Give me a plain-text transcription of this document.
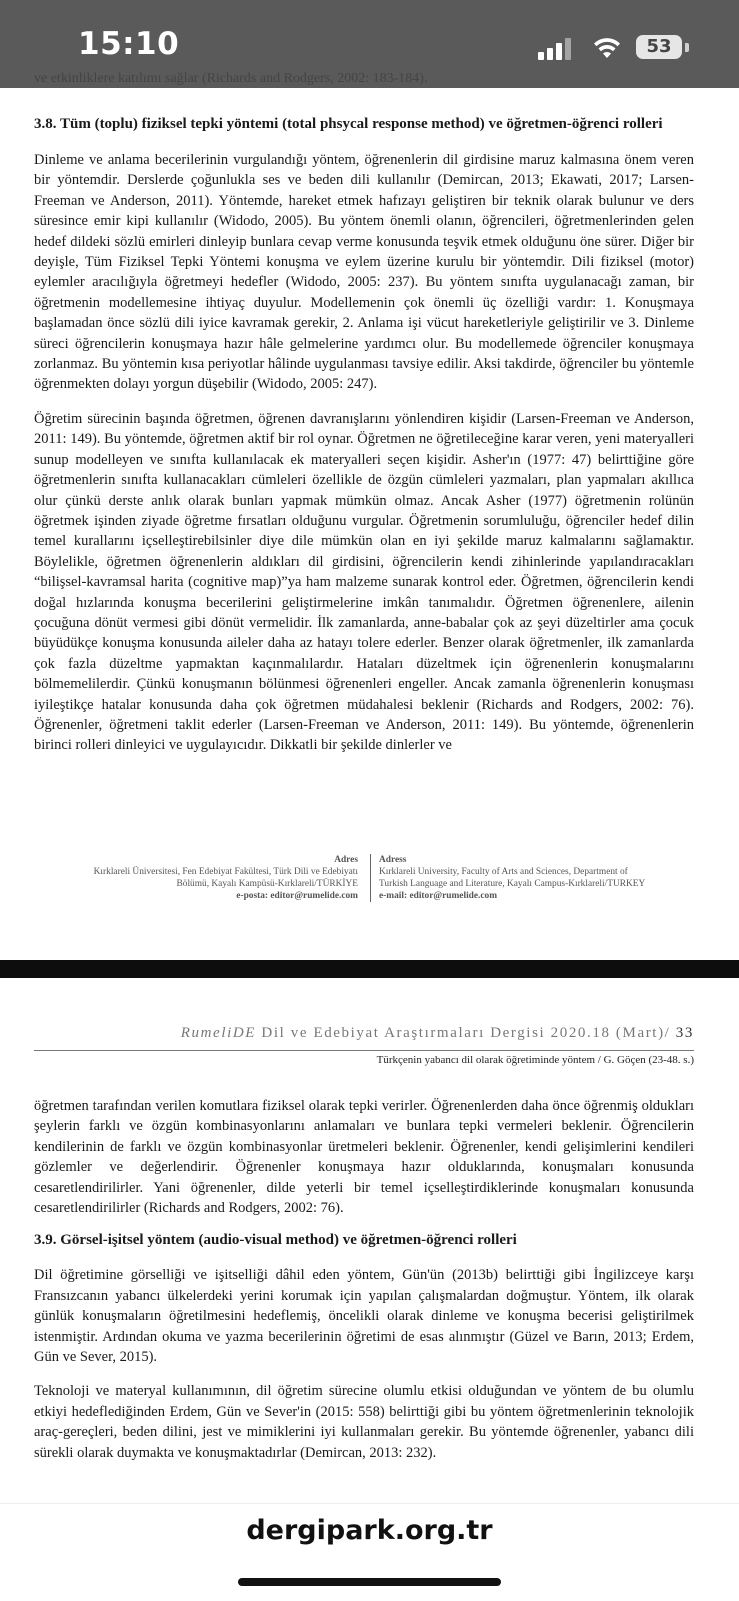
15:10	53
ve etkinliklere katılımı sağlar (Richards and Rodgers, 2002: 183-184).
3.8. Tüm (toplu) fiziksel tepki yöntemi (total phsycal response method) ve öğretmen-öğrenci rolleri

Dinleme ve anlama becerilerinin vurgulandığı yöntem, öğrenenlerin dil girdisine maruz kalmasına önem veren bir yöntemdir. Derslerde çoğunlukla ses ve beden dili kullanılır (Demircan, 2013; Ekawati, 2017; Larsen-Freeman ve Anderson, 2011). Yöntemde, hareket etmek hafızayı geliştiren bir teknik olarak bulunur ve ders süresince emir kipi kullanılır (Widodo, 2005). Bu yöntem önemli olanın, öğrencileri, öğretmenlerinden gelen hedef dildeki sözlü emirleri dinleyip bunlara cevap verme konusunda teşvik etmek olduğunu öne sürer. Diğer bir deyişle, Tüm Fiziksel Tepki Yöntemi konuşma ve eylem üzerine kurulu bir yöntemdir. Dili fiziksel (motor) eylemler aracılığıyla öğretmeyi hedefler (Widodo, 2005: 237). Bu yöntem sınıfta uygulanacağı zaman, bir öğretmenin modellemesine ihtiyaç duyulur. Modellemenin çok önemli üç özelliği vardır: 1. Konuşmaya başlamadan önce sözlü dili iyice kavramak gerekir, 2. Anlama işi vücut hareketleriyle geliştirilir ve 3. Dinleme süreci öğrencilerin konuşmaya hazır hâle gelmelerine yardımcı olur. Bu modellemede öğrenciler konuşmaya zorlanmaz. Bu yöntemin kısa periyotlar hâlinde uygulanması tavsiye edilir. Aksi takdirde, öğrenciler bu yöntemle öğrenmekten dolayı yorgun düşebilir (Widodo, 2005: 247).

Öğretim sürecinin başında öğretmen, öğrenen davranışlarını yönlendiren kişidir (Larsen-Freeman ve Anderson, 2011: 149). Bu yöntemde, öğretmen aktif bir rol oynar. Öğretmen ne öğretileceğine karar veren, yeni materyalleri sunup modelleyen ve sınıfta kullanılacak ek materyalleri seçen kişidir. Asher'ın (1977: 47) belirttiğine göre öğretmenlerin sınıfta kullanacakları cümleleri özellikle de özgün cümleleri yazmaları, plan yapmaları akıllıca olur çünkü derste anlık olarak bunları yapmak mümkün olmaz. Ancak Asher (1977) öğretmenin rolünün öğretmek işinden ziyade öğretme fırsatları olduğunu vurgular. Öğretmenin sorumluluğu, öğrenciler hedef dilin temel kurallarını içselleştirebilsinler diye dile mümkün olan en iyi şekilde maruz kalmalarını sağlamaktır. Böylelikle, öğretmen öğrenenlerin aldıkları dil girdisini, öğrencilerin kendi zihinlerinde yapılandıracakları “bilişsel-kavramsal harita (cognitive map)”ya ham malzeme sunarak kontrol eder. Öğretmen, öğrencilerin kendi doğal hızlarında konuşma becerilerini geliştirmelerine imkân tanımalıdır. Öğretmen öğrenenlere, ailenin çocuğuna dönüt vermesi gibi dönüt vermelidir. İlk zamanlarda, anne-babalar çok az şeyi düzeltirler ama çocuk büyüdükçe konuşma konusunda aileler daha az hatayı tolere ederler. Benzer olarak öğretmenler, ilk zamanlarda çok fazla düzeltme yapmaktan kaçınmalılardır. Hataları düzeltmek için öğrenenlerin konuşmalarını bölmemelilerdir. Çünkü konuşmanın bölünmesi öğrenenleri engeller. Ancak zamanla öğrenenlerin konuşması iyileştikçe hatalar konusunda daha çok öğretmen müdahalesi beklenir (Richards and Rodgers, 2002: 76). Öğrenenler, öğretmeni taklit ederler (Larsen-Freeman ve Anderson, 2011: 149). Bu yöntemde, öğrenenlerin birinci rolleri dinleyici ve uygulayıcıdır. Dikkatli bir şekilde dinlerler ve

Adres
Kırklareli Üniversitesi, Fen Edebiyat Fakültesi, Türk Dili ve Edebiyatı
Bölümü, Kayalı Kampüsü-Kırklareli/TÜRKİYE
e-posta: editor@rumelide.com
Adress
Kırklareli University, Faculty of Arts and Sciences, Department of
Turkish Language and Literature, Kayalı Campus-Kırklareli/TURKEY
e-mail: editor@rumelide.com
RumeliDE Dil ve Edebiyat Araştırmaları Dergisi 2020.18 (Mart)/ 33
Türkçenin yabancı dil olarak öğretiminde yöntem / G. Göçen (23-48. s.)

öğretmen tarafından verilen komutlara fiziksel olarak tepki verirler. Öğrenenlerden daha önce öğrenmiş oldukları şeylerin farklı ve özgün kombinasyonlarını anlamaları ve bunlara tepki vermeleri beklenir. Öğrencilerin kendilerinin de farklı ve özgün kombinasyonlar üretmeleri beklenir. Öğrenenler, kendi gelişimlerini kendileri gözlemler ve değerlendirir. Öğrenenler konuşmaya hazır olduklarında, konuşmaları konusunda cesaretlendirilirler. Yani öğrenenler, dilde yeterli bir temel içselleştirdiklerinde konuşmaları konusunda cesaretlendirilirler (Richards and Rodgers, 2002: 76).

3.9. Görsel-işitsel yöntem (audio-visual method) ve öğretmen-öğrenci rolleri

Dil öğretimine görselliği ve işitselliği dâhil eden yöntem, Gün'ün (2013b) belirttiği gibi İngilizceye karşı Fransızcanın yabancı ülkelerdeki yerini korumak için yapılan çalışmalardan doğmuştur. Yöntem, ilk olarak günlük konuşmaların öğretilmesini hedeflemiş, öncelikli olarak dinleme ve konuşma becerisi geliştirilmek istenmiştir. Ardından okuma ve yazma becerilerinin öğretimi de esas alınmıştır (Güzel ve Barın, 2013; Erdem, Gün ve Sever, 2015).

Teknoloji ve materyal kullanımının, dil öğretim sürecine olumlu etkisi olduğundan ve yöntem de bu olumlu etkiyi hedeflediğinden Erdem, Gün ve Sever'in (2015: 558) belirttiği gibi bu yöntem öğretmenlerinin teknolojik araç-gereçleri, beden dilini, jest ve mimiklerini iyi kullanmaları gerekir. Bu yöntemde öğrenenler, yabancı dili sürekli olarak duymakta ve konuşmaktadırlar (Demircan, 2013: 232).

dergipark.org.tr
